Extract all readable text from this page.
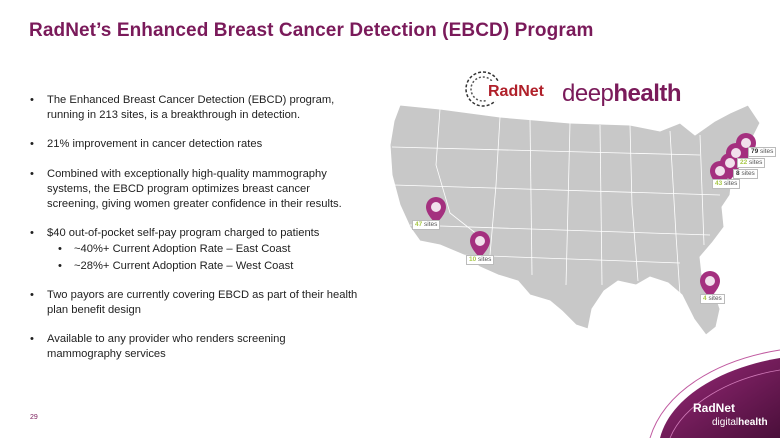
RadNet’s Enhanced Breast Cancer Detection (EBCD) Program
• The Enhanced Breast Cancer Detection (EBCD) program,
running in 213 sites, is a breakthrough in detection.
• 21% improvement in cancer detection rates
• Combined with exceptionally high-quality mammography
systems, the EBCD program optimizes breast cancer
screening, giving women greater confidence in their results.
• $40 out-of-pocket self-pay program charged to patients
• ~40%+ Current Adoption Rate – East Coast
• ~28%+ Current Adoption Rate – West Coast
• Two payors are currently covering EBCD as part of their health
plan benefit design
• Available to any provider who renders screening
mammography services
RadNet deephealth
47 sites
10 sites
4 sites
79 sites
22 sites
8 sites
43 sites
29
RadNet
digitalhealth
